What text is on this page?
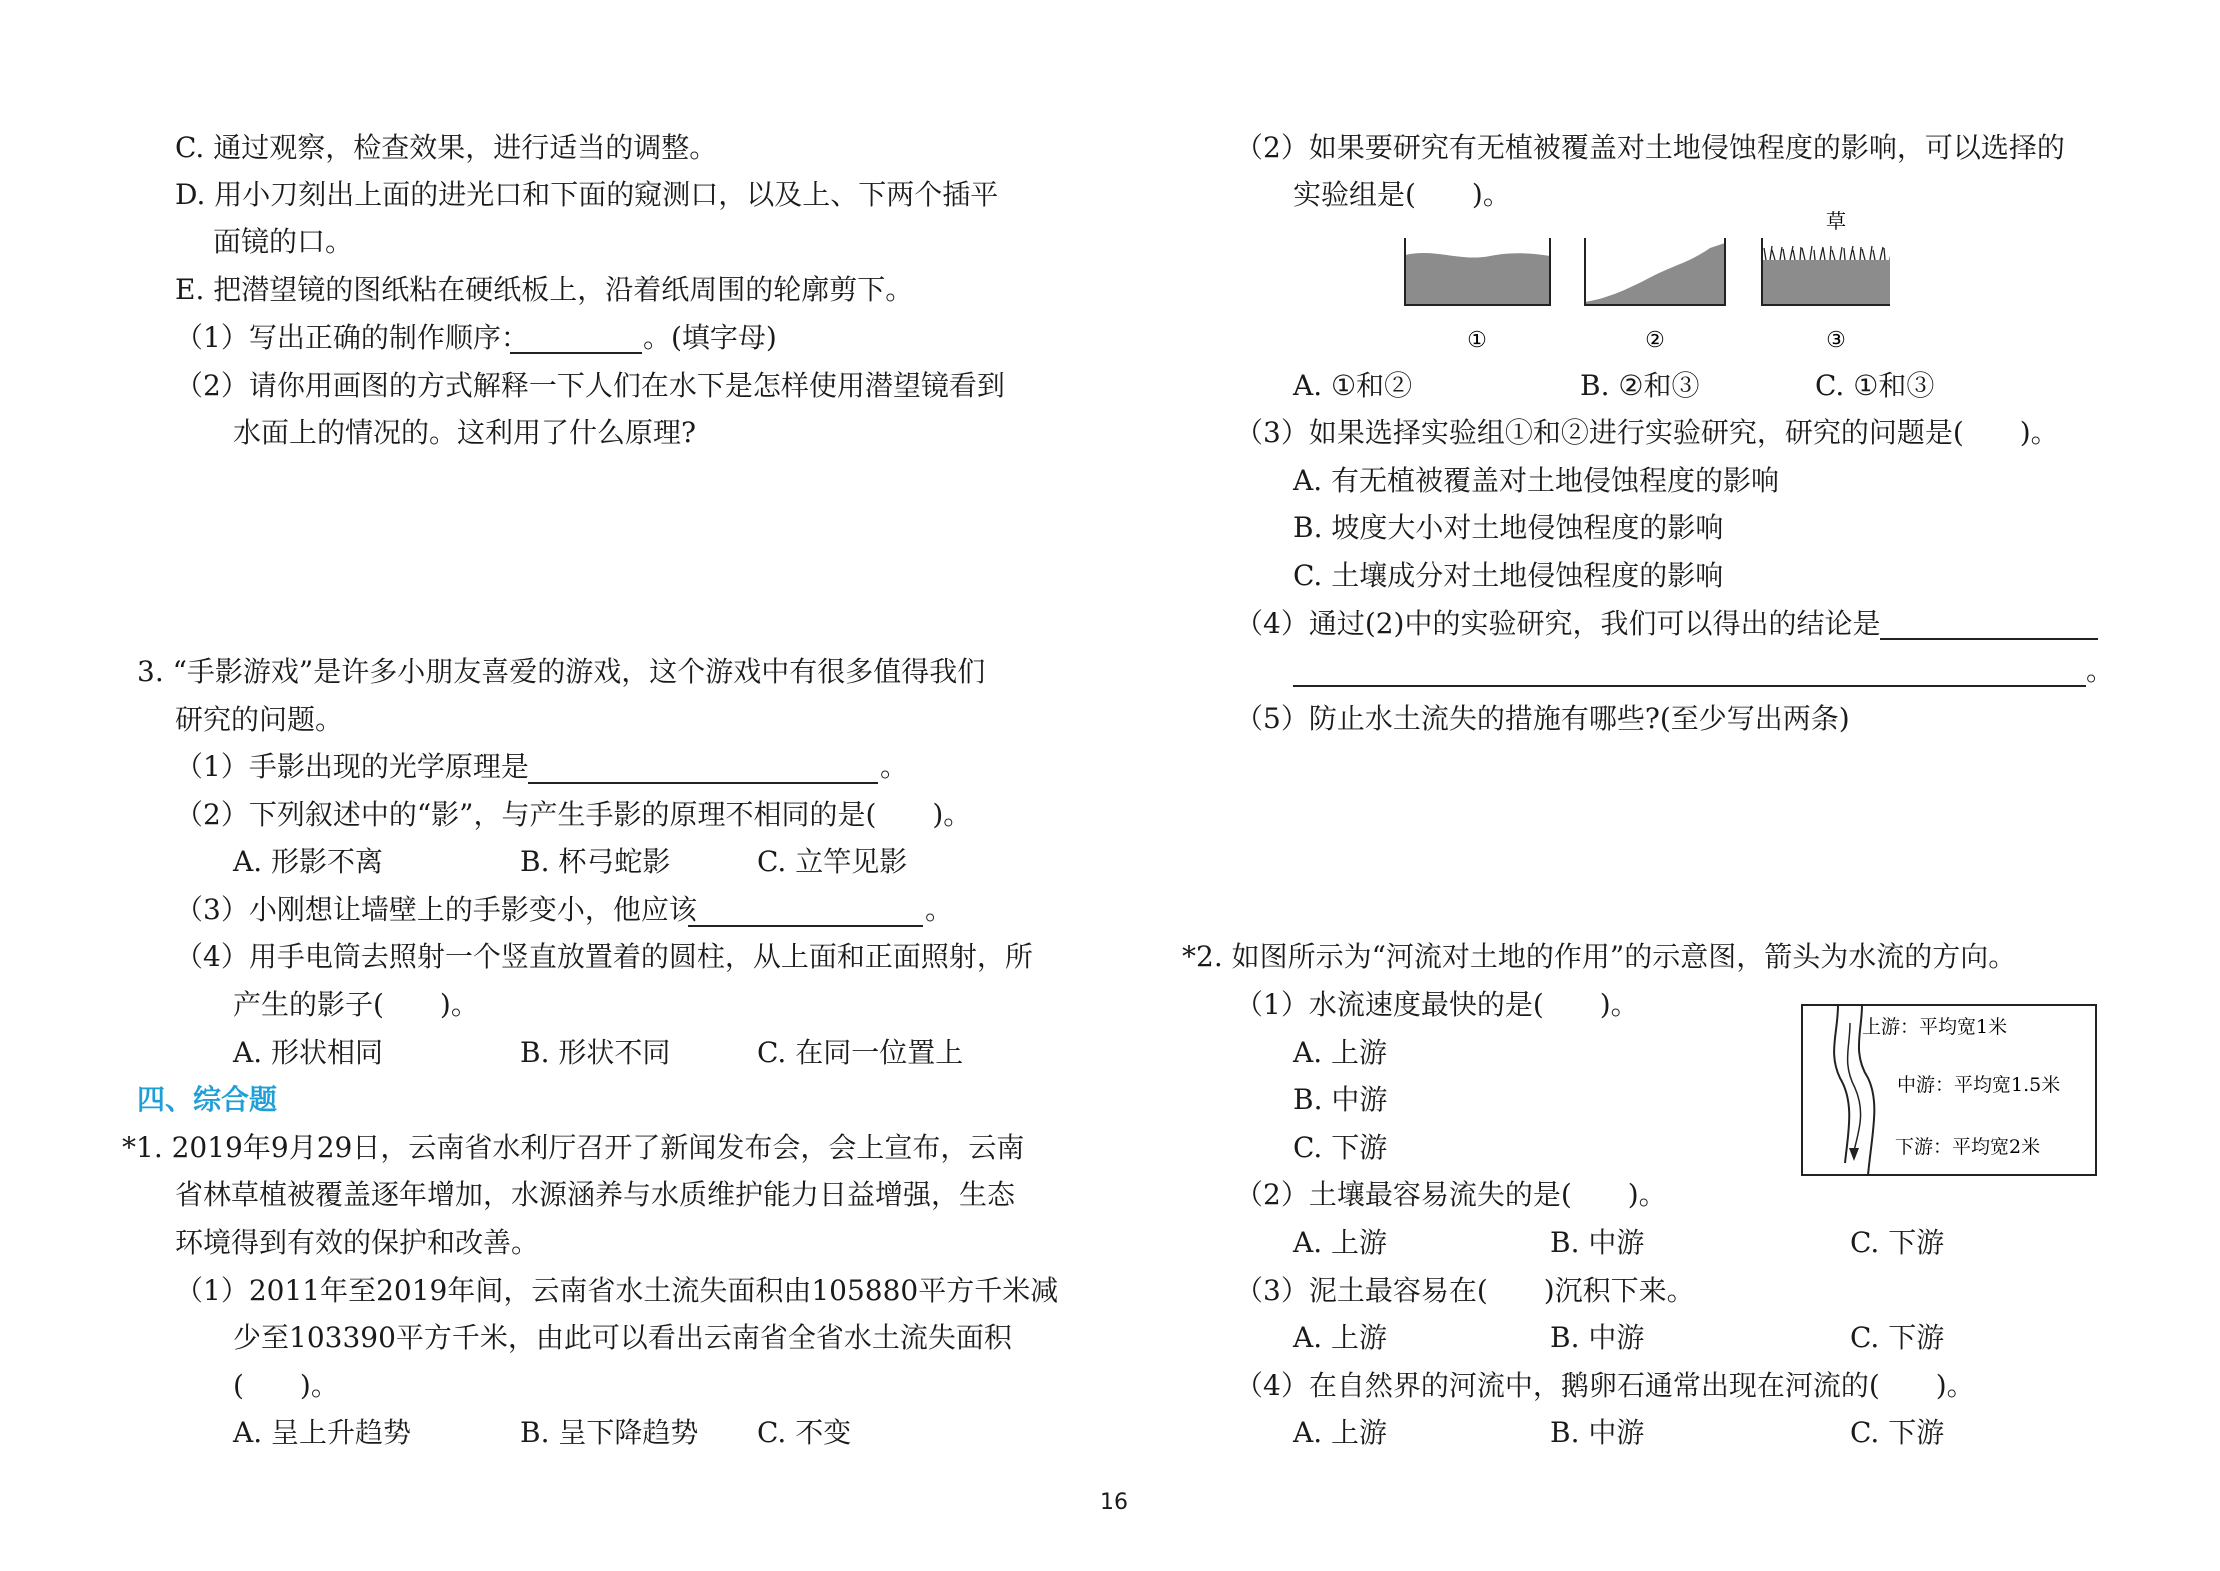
C. 通过观察，检查效果，进行适当的调整。
D. 用小刀刻出上面的进光口和下面的窥测口，以及上、下两个插平
面镜的口。
E. 把潜望镜的图纸粘在硬纸板上，沿着纸周围的轮廓剪下。
（1）写出正确的制作顺序：	。(填字母)
（2）请你用画图的方式解释一下人们在水下是怎样使用潜望镜看到
水面上的情况的。这利用了什么原理?
3. “手影游戏”是许多小朋友喜爱的游戏，这个游戏中有很多值得我们
研究的问题。
（1）手影出现的光学原理是	。
（2）下列叙述中的“影”，与产生手影的原理不相同的是(　　)。
A. 形影不离	B. 杯弓蛇影	C. 立竿见影
（3）小刚想让墙壁上的手影变小，他应该	。
（4）用手电筒去照射一个竖直放置着的圆柱，从上面和正面照射，所
产生的影子(　　)。
A. 形状相同	B. 形状不同	C. 在同一位置上
四、综合题
*1. 2019年9月29日，云南省水利厅召开了新闻发布会，会上宣布，云南
省林草植被覆盖逐年增加，水源涵养与水质维护能力日益增强，生态
环境得到有效的保护和改善。
（1）2011年至2019年间，云南省水土流失面积由105880平方千米减
少至103390平方千米，由此可以看出云南省全省水土流失面积
(　　)。
A. 呈上升趋势	B. 呈下降趋势 C. 不变
（2）如果要研究有无植被覆盖对土地侵蚀程度的影响，可以选择的
实验组是(　　)。
草
①	②	③
A. ①和②	B. ②和③	C. ①和③
（3）如果选择实验组①和②进行实验研究，研究的问题是(　　)。
A. 有无植被覆盖对土地侵蚀程度的影响
B. 坡度大小对土地侵蚀程度的影响
C. 土壤成分对土地侵蚀程度的影响
（4）通过(2)中的实验研究，我们可以得出的结论是
。
（5）防止水土流失的措施有哪些?(至少写出两条)
*2. 如图所示为“河流对土地的作用”的示意图，箭头为水流的方向。
（1）水流速度最快的是(　　)。
A. 上游
B. 中游
C. 下游
上游：平均宽1米
中游：平均宽1.5米
下游：平均宽2米
（2）土壤最容易流失的是(　　)。
A. 上游	B. 中游	C. 下游
（3）泥土最容易在(　　)沉积下来。
A. 上游	B. 中游	C. 下游
（4）在自然界的河流中，鹅卵石通常出现在河流的(　　)。
A. 上游	B. 中游	C. 下游
16
